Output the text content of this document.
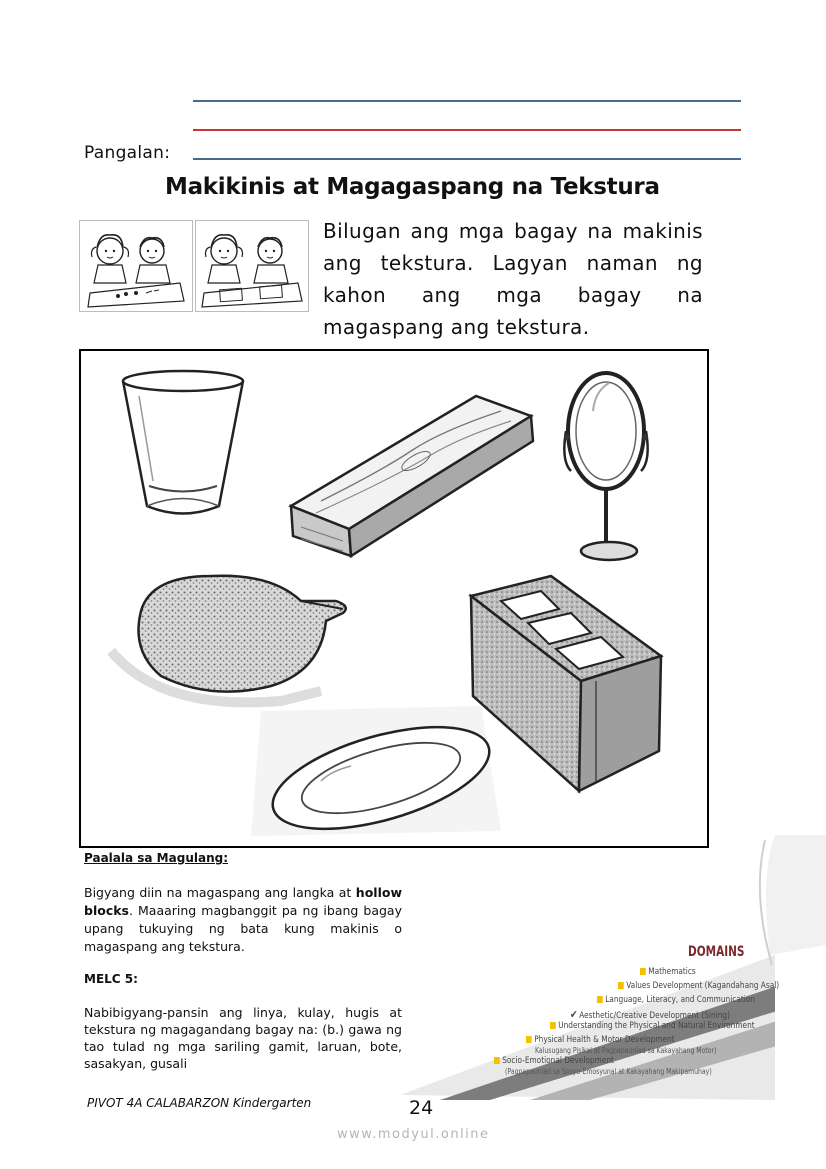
Pangalan:
Makikinis at Magagaspang na Tekstura
Bilugan ang mga bagay na makinis ang tekstura. Lagyan naman ng kahon ang mga bagay na magaspang ang tekstura.
Paalala sa Magulang:
Bigyang diin na magaspang ang langka at hollow blocks. Maaaring magbanggit pa ng ibang bagay upang tukuying ng bata kung makinis o magaspang ang tekstura.
MELC 5:
Nabibigyang-pansin ang linya, kulay, hugis at tekstura ng magagandang bagay na: (b.) gawa ng tao tulad ng mga sariling gamit, laruan, bote, sasakyan, gusali
DOMAINS
Mathematics
Values Development (Kagandahang Asal)
Language, Literacy, and Communication
✔ Aesthetic/Creative Development (Sining)
Understanding the Physical and Natural Environment
Physical Health & Motor Development
Kalusugang Pisikal at Pagpapaunlad sa Kakayahang Motor)
Socio-Emotional Development
(Pagpapaunlad sa Sosyo-Emosyunal at Kakayahang Makipamuhay)
PIVOT 4A CALABARZON Kindergarten	24
www.modyul.online
